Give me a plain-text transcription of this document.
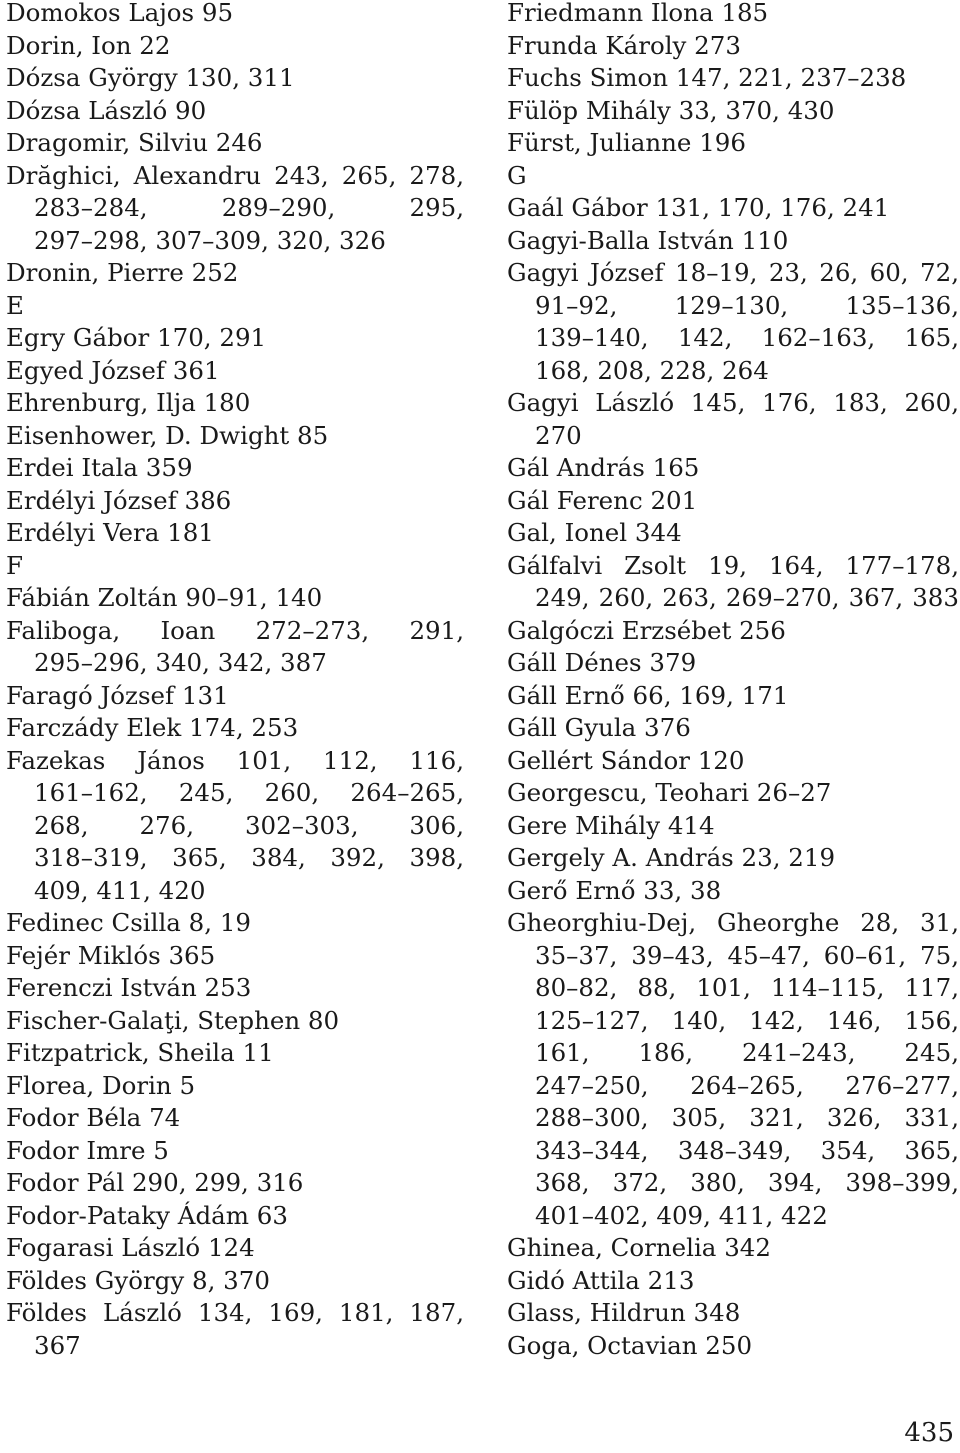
Domokos Lajos 95
Dorin, Ion 22
Dózsa György 130, 311
Dózsa László 90
Dragomir, Silviu 246
Drăghici, Alexandru 243, 265, 278,
283–284, 289–290, 295,
297–298, 307–309, 320, 326
Dronin, Pierre 252
E
Egry Gábor 170, 291
Egyed József 361
Ehrenburg, Ilja 180
Eisenhower, D. Dwight 85
Erdei Itala 359
Erdélyi József 386
Erdélyi Vera 181
F
Fábián Zoltán 90–91, 140
Faliboga, Ioan 272–273, 291,
295–296, 340, 342, 387
Faragó József 131
Farczády Elek 174, 253
Fazekas János 101, 112, 116,
161–162, 245, 260, 264–265,
268, 276, 302–303, 306,
318–319, 365, 384, 392, 398,
409, 411, 420
Fedinec Csilla 8, 19
Fejér Miklós 365
Ferenczi István 253
Fischer-Galaţi, Stephen 80
Fitzpatrick, Sheila 11
Florea, Dorin 5
Fodor Béla 74
Fodor Imre 5
Fodor Pál 290, 299, 316
Fodor-Pataky Ádám 63
Fogarasi László 124
Földes György 8, 370
Földes László 134, 169, 181, 187,
367
Friedmann Ilona 185
Frunda Károly 273
Fuchs Simon 147, 221, 237–238
Fülöp Mihály 33, 370, 430
Fürst, Julianne 196
G
Gaál Gábor 131, 170, 176, 241
Gagyi-Balla István 110
Gagyi József 18–19, 23, 26, 60, 72,
91–92, 129–130, 135–136,
139–140, 142, 162–163, 165,
168, 208, 228, 264
Gagyi László 145, 176, 183, 260,
270
Gál András 165
Gál Ferenc 201
Gal, Ionel 344
Gálfalvi Zsolt 19, 164, 177–178,
249, 260, 263, 269–270, 367, 383
Galgóczi Erzsébet 256
Gáll Dénes 379
Gáll Ernő 66, 169, 171
Gáll Gyula 376
Gellért Sándor 120
Georgescu, Teohari 26–27
Gere Mihály 414
Gergely A. András 23, 219
Gerő Ernő 33, 38
Gheorghiu-Dej, Gheorghe 28, 31,
35–37, 39–43, 45–47, 60–61, 75,
80–82, 88, 101, 114–115, 117,
125–127, 140, 142, 146, 156,
161, 186, 241–243, 245,
247–250, 264–265, 276–277,
288–300, 305, 321, 326, 331,
343–344, 348–349, 354, 365,
368, 372, 380, 394, 398–399,
401–402, 409, 411, 422
Ghinea, Cornelia 342
Gidó Attila 213
Glass, Hildrun 348
Goga, Octavian 250
435
